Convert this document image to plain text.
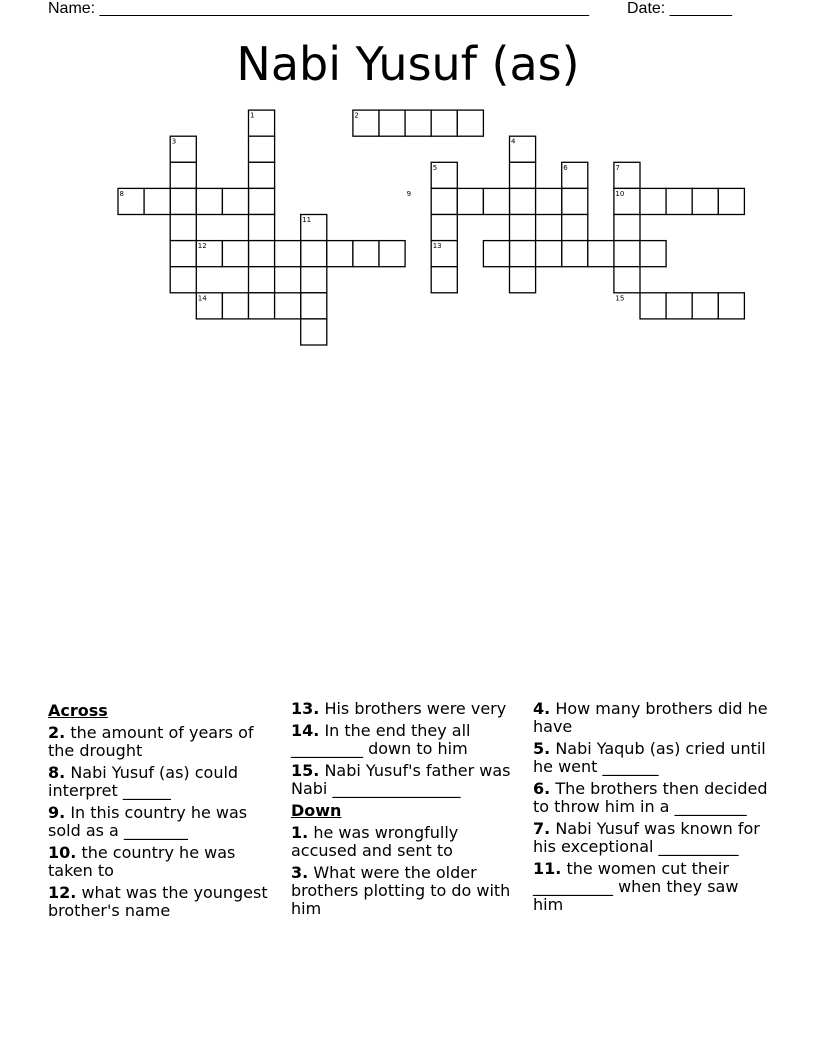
Name: _______________________________________________________ Date: _______
Nabi Yusuf (as)
1	2
3	4
5	6	7
8	9	10
11
12	13
14	15
Across
2. the amount of years of the drought
8. Nabi Yusuf (as) could interpret ______
9. In this country he was sold as a ________
10. the country he was taken to
12. what was the youngest brother's name
13. His brothers were very
14. In the end they all _________ down to him
15. Nabi Yusuf's father was Nabi ________________
Down
1. he was wrongfully accused and sent to
3. What were the older brothers plotting to do with him
4. How many brothers did he have
5. Nabi Yaqub (as) cried until he went _______
6. The brothers then decided to throw him in a _________
7. Nabi Yusuf was known for his exceptional __________
11. the women cut their __________ when they saw him
